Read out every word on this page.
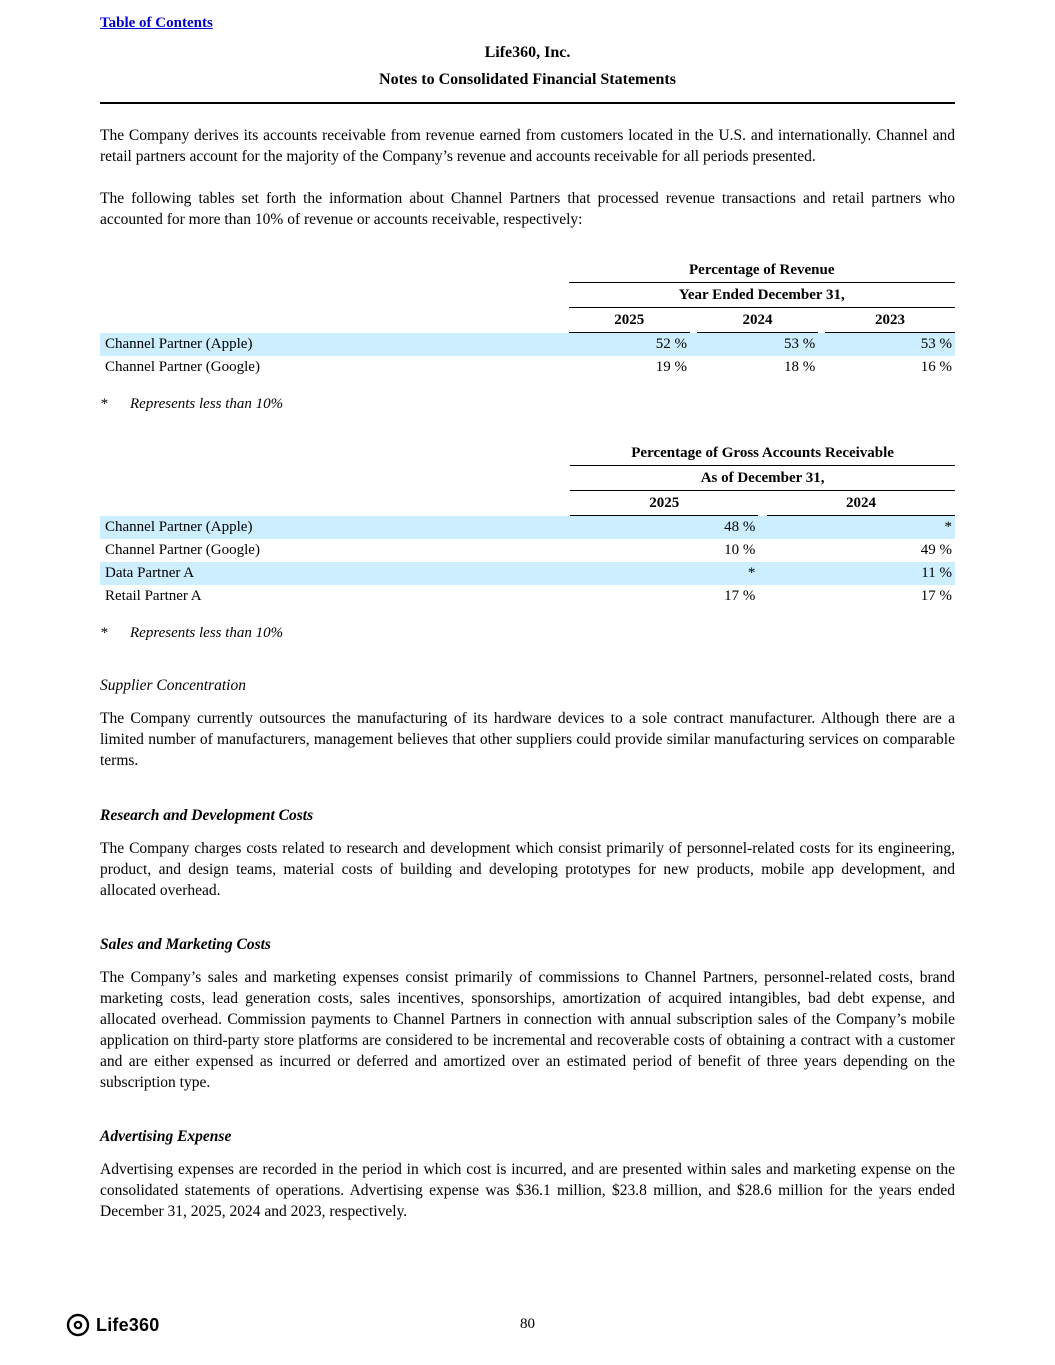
Table of Contents
Life360, Inc.
Notes to Consolidated Financial Statements

The Company derives its accounts receivable from revenue earned from customers located in the U.S. and internationally. Channel and retail partners account for the majority of the Company’s revenue and accounts receivable for all periods presented.

The following tables set forth the information about Channel Partners that processed revenue transactions and retail partners who accounted for more than 10% of revenue or accounts receivable, respectively:

	Percentage of Revenue				
	Year Ended December 31,				
	2025		2024		2023
Channel Partner (Apple)	52 %		53 %		53 %
Channel Partner (Google)	19 %		18 %		16 %
*	Represents less than 10%
	Percentage of Gross Accounts Receivable		
	As of December 31,		
	2025		2024
Channel Partner (Apple)	48 %		*
Channel Partner (Google)	10 %		49 %
Data Partner A	*		11 %
Retail Partner A	17 %		17 %
*	Represents less than 10%
Supplier Concentration

The Company currently outsources the manufacturing of its hardware devices to a sole contract manufacturer. Although there are a limited number of manufacturers, management believes that other suppliers could provide similar manufacturing services on comparable terms.

Research and Development Costs

The Company charges costs related to research and development which consist primarily of personnel-related costs for its engineering, product, and design teams, material costs of building and developing prototypes for new products, mobile app development, and allocated overhead.

Sales and Marketing Costs

The Company’s sales and marketing expenses consist primarily of commissions to Channel Partners, personnel-related costs, brand marketing costs, lead generation costs, sales incentives, sponsorships, amortization of acquired intangibles, bad debt expense, and allocated overhead. Commission payments to Channel Partners in connection with annual subscription sales of the Company’s mobile application on third-party store platforms are considered to be incremental and recoverable costs of obtaining a contract with a customer and are either expensed as incurred or deferred and amortized over an estimated period of benefit of three years depending on the subscription type.

Advertising Expense

Advertising expenses are recorded in the period in which cost is incurred, and are presented within sales and marketing expense on the consolidated statements of operations. Advertising expense was $36.1 million, $23.8 million, and $28.6 million for the years ended December 31, 2025, 2024 and 2023, respectively.

Life360	80
